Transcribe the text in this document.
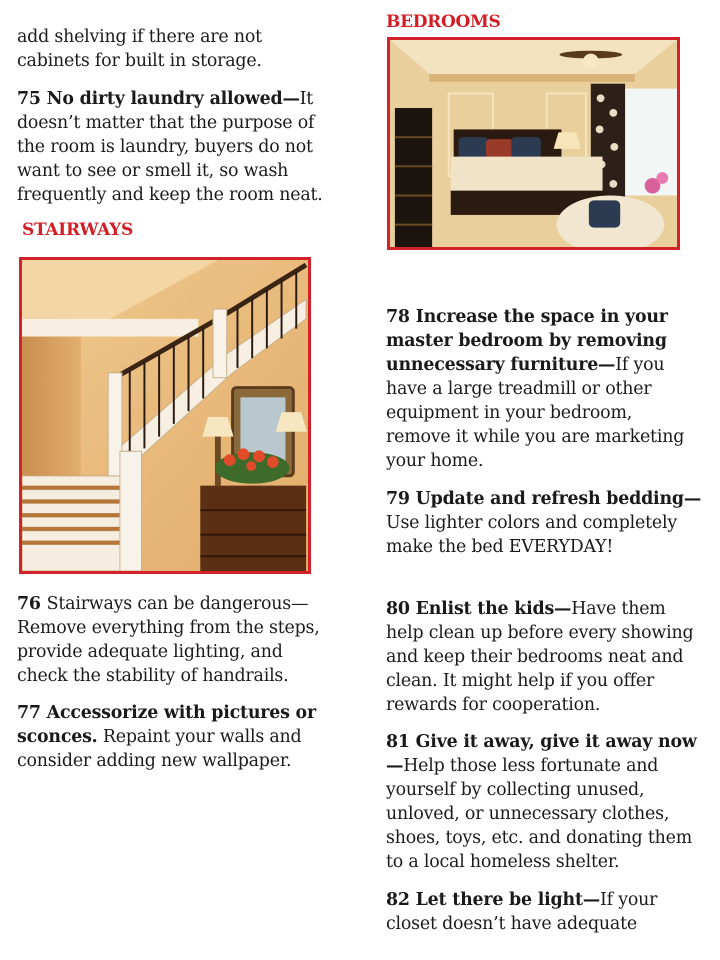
add shelving if there are not cabinets for built in storage.

75 No dirty laundry allowed—It doesn’t matter that the purpose of the room is laundry, buyers do not want to see or smell it, so wash frequently and keep the room neat.

STAIRWAYS

76 Stairways can be dangerous— Remove everything from the steps, provide adequate lighting, and check the stability of handrails.

77 Accessorize with pictures or sconces. Repaint your walls and consider adding new wallpaper.

BEDROOMS

78 Increase the space in your master bedroom by removing unnecessary furniture—If you have a large treadmill or other equipment in your bedroom, remove it while you are marketing your home.

79 Update and refresh bedding—Use lighter colors and completely make the bed EVERYDAY!

80 Enlist the kids—Have them help clean up before every showing and keep their bedrooms neat and clean. It might help if you offer rewards for cooperation.

81 Give it away, give it away now—Help those less fortunate and yourself by collecting unused, unloved, or unnecessary clothes, shoes, toys, etc. and donating them to a local homeless shelter.

82 Let there be light—If your closet doesn’t have adequate
